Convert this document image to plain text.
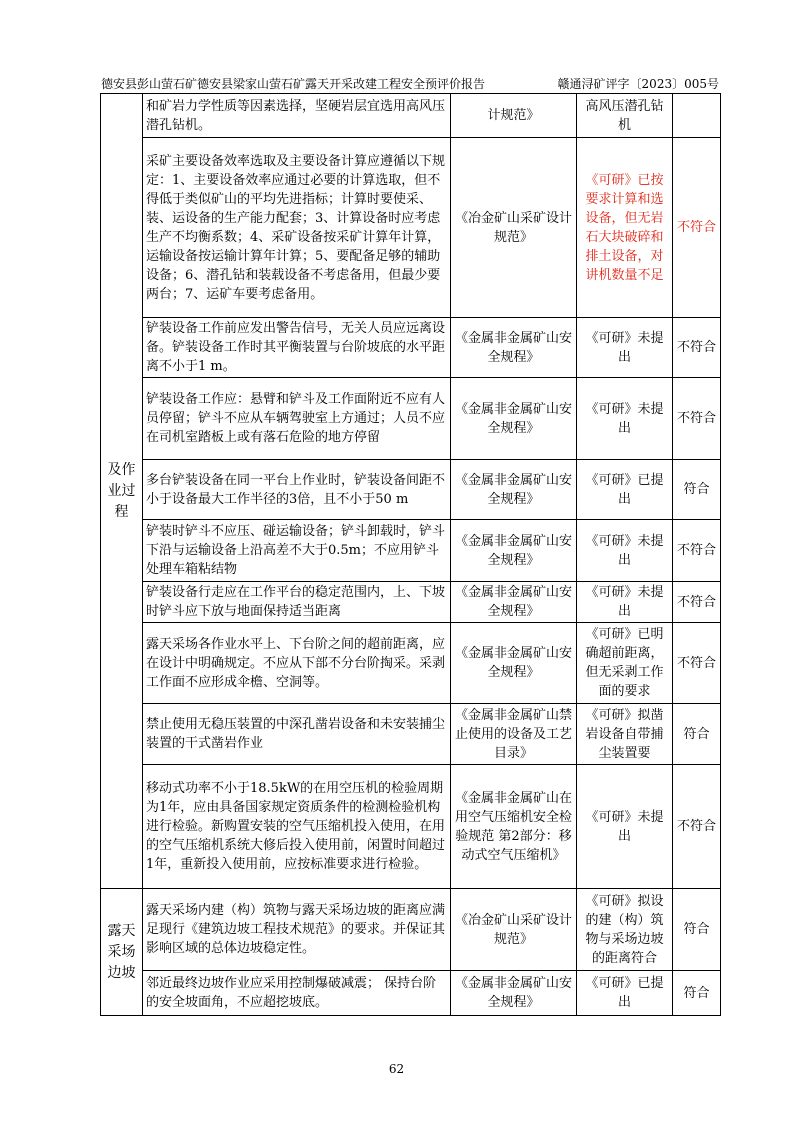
德安县彭山萤石矿德安县梁家山萤石矿露天开采改建工程安全预评价报告	赣通浔矿评字〔2023〕005号
及作业过程	和矿岩力学性质等因素选择，坚硬岩层宜选用高风压潜孔钻机。	计规范》	高风压潜孔钻机	
	采矿主要设备效率选取及主要设备计算应遵循以下规定：1、主要设备效率应通过必要的计算选取，但不得低于类似矿山的平均先进指标；计算时要使采、装、运设备的生产能力配套；3、计算设备时应考虑生产不均衡系数；4、采矿设备按采矿计算年计算，运输设备按运输计算年计算；5、要配备足够的辅助设备；6、潜孔钻和装载设备不考虑备用，但最少要两台；7、运矿车要考虑备用。	《冶金矿山采矿设计规范》	《可研》已按要求计算和选设备，但无岩石大块破碎和排土设备，对讲机数量不足	不符合
	铲装设备工作前应发出警告信号，无关人员应远离设备。铲装设备工作时其平衡装置与台阶坡底的水平距离不小于1 m。	《金属非金属矿山安全规程》	《可研》未提出	不符合
	铲装设备工作应：悬臂和铲斗及工作面附近不应有人员停留；铲斗不应从车辆驾驶室上方通过；人员不应在司机室踏板上或有落石危险的地方停留	《金属非金属矿山安全规程》	《可研》未提出	不符合
	多台铲装设备在同一平台上作业时，铲装设备间距不小于设备最大工作半径的3倍，且不小于50 m	《金属非金属矿山安全规程》	《可研》已提出	符合
	铲装时铲斗不应压、碰运输设备；铲斗卸载时，铲斗下沿与运输设备上沿高差不大于0.5m；不应用铲斗处理车箱粘结物	《金属非金属矿山安全规程》	《可研》未提出	不符合
	铲装设备行走应在工作平台的稳定范围内，上、下坡时铲斗应下放与地面保持适当距离	《金属非金属矿山安全规程》	《可研》未提出	不符合
	露天采场各作业水平上、下台阶之间的超前距离，应在设计中明确规定。不应从下部不分台阶掏采。采剥工作面不应形成伞檐、空洞等。	《金属非金属矿山安全规程》	《可研》已明确超前距离，但无采剥工作面的要求	不符合
	禁止使用无稳压装置的中深孔凿岩设备和未安装捕尘装置的干式凿岩作业	《金属非金属矿山禁止使用的设备及工艺目录》	《可研》拟凿岩设备自带捕尘装置要	符合
	移动式功率不小于18.5kW的在用空压机的检验周期为1年，应由具备国家规定资质条件的检测检验机构进行检验。新购置安装的空气压缩机投入使用，在用的空气压缩机系统大修后投入使用前，闲置时间超过1年，重新投入使用前，应按标准要求进行检验。	《金属非金属矿山在用空气压缩机安全检验规范 第2部分：移动式空气压缩机》	《可研》未提出	不符合

露天采场边坡	露天采场内建（构）筑物与露天采场边坡的距离应满足现行《建筑边坡工程技术规范》的要求。并保证其影响区域的总体边坡稳定性。	《冶金矿山采矿设计规范》	《可研》拟设的建（构）筑物与采场边坡的距离符合	符合
	邻近最终边坡作业应采用控制爆破减震； 保持台阶的安全坡面角，不应超挖坡底。	《金属非金属矿山安全规程》	《可研》已提出	符合
62
